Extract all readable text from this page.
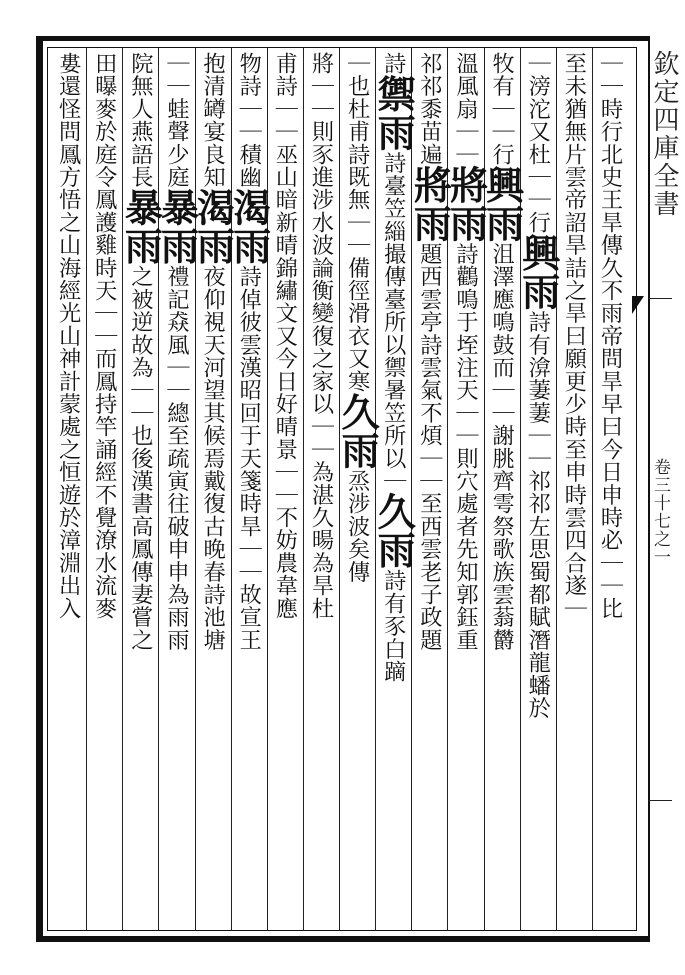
｜｜時行北史王旱傳久不雨帝問旱早曰今日申時必｜｜比
至未猶無片雲帝詔旱詰之旱曰願更少時至申時雲四合遂｜
｜滂沱又杜｜｜行興雨詩有渰萋萋｜｜祁祁左思蜀都賦潛龍蟠於
牧有｜｜行興雨沮澤應鳴鼓而｜｜謝朓齊雩祭歌族雲蓊欝
溫風扇｜｜將雨詩鸛鳴于垤注天｜｜則穴處者先知郭鈺重
祁祁黍苗遍將雨題西雲亭詩雲氣不煩｜｜至西雲老子政題
詩禦雨詩臺笠緇撮傳臺所以禦暑笠所以｜久雨詩有豕白蹢
｜也杜甫詩既無｜｜備徑滑衣又寒久雨烝涉波矣傳
將｜｜則豕進涉水波論衡變復之家以｜｜為湛久暘為旱杜
甫詩｜｜巫山暗新晴錦繡文又今日好晴景｜｜不妨農韋應
物詩｜｜積幽渴雨詩倬彼雲漢昭回于天箋時旱｜｜故宣王
抱清罇宴良知渴雨夜仰視天河望其候焉戴復古晚春詩池塘
｜｜蛙聲少庭暴雨禮記猋風｜｜總至疏寅往破申申為雨雨
院無人燕語長暴雨之被逆故為｜｜也後漢書高鳳傳妻嘗之
田曝麥於庭令鳳護雞時天｜｜而鳳持竿誦經不覺潦水流麥
婁還怪問鳳方悟之山海經光山神計蒙處之恒遊於漳淵出入	欽定四庫全書
卷三十七之一
